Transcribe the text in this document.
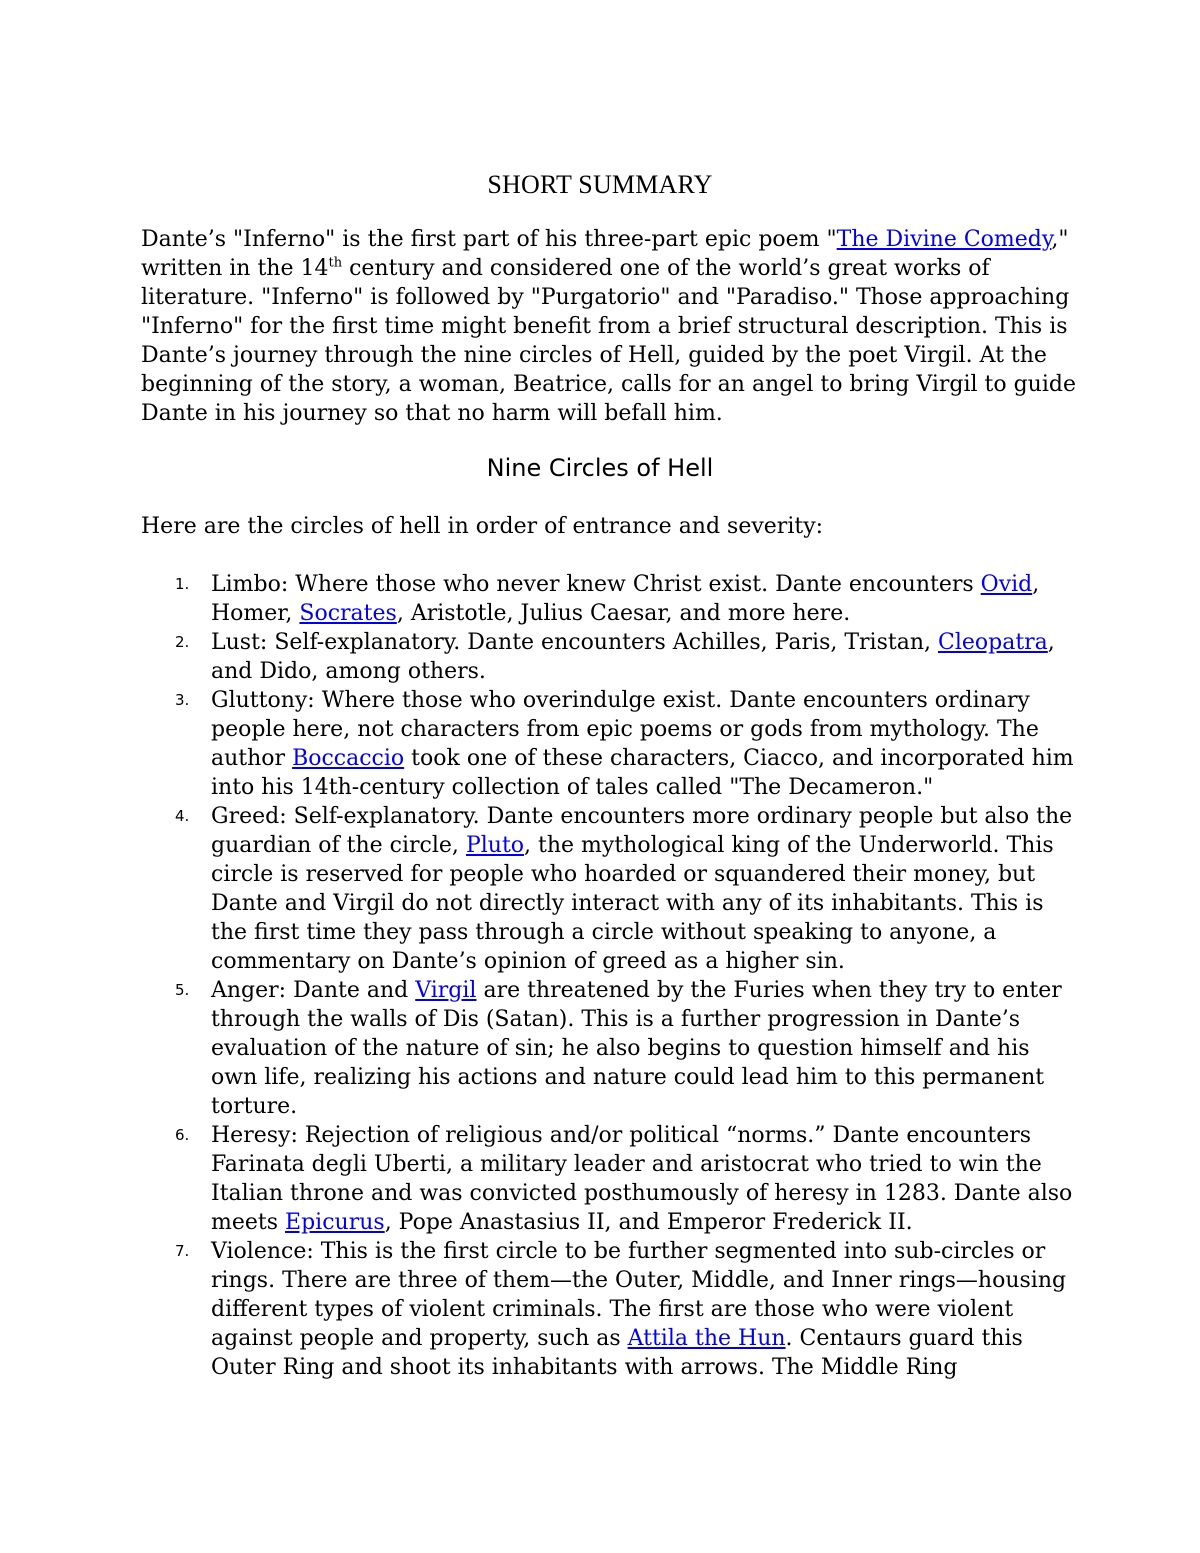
SHORT SUMMARY

Dante’s "Inferno" is the first part of his three-part epic poem "The Divine Comedy," written in the 14th century and considered one of the world’s great works of literature. "Inferno" is followed by "Purgatorio" and "Paradiso." Those approaching "Inferno" for the first time might benefit from a brief structural description. This is Dante’s journey through the nine circles of Hell, guided by the poet Virgil. At the beginning of the story, a woman, Beatrice, calls for an angel to bring Virgil to guide Dante in his journey so that no harm will befall him.

Nine Circles of Hell

Here are the circles of hell in order of entrance and severity:

1. Limbo: Where those who never knew Christ exist. Dante encounters Ovid, Homer, Socrates, Aristotle, Julius Caesar, and more here.
2. Lust: Self-explanatory. Dante encounters Achilles, Paris, Tristan, Cleopatra, and Dido, among others.
3. Gluttony: Where those who overindulge exist. Dante encounters ordinary people here, not characters from epic poems or gods from mythology. The author Boccaccio took one of these characters, Ciacco, and incorporated him into his 14th-century collection of tales called "The Decameron."
4. Greed: Self-explanatory. Dante encounters more ordinary people but also the guardian of the circle, Pluto, the mythological king of the Underworld. This circle is reserved for people who hoarded or squandered their money, but Dante and Virgil do not directly interact with any of its inhabitants. This is the first time they pass through a circle without speaking to anyone, a commentary on Dante’s opinion of greed as a higher sin.
5. Anger: Dante and Virgil are threatened by the Furies when they try to enter through the walls of Dis (Satan). This is a further progression in Dante’s evaluation of the nature of sin; he also begins to question himself and his own life, realizing his actions and nature could lead him to this permanent torture.
6. Heresy: Rejection of religious and/or political “norms.” Dante encounters Farinata degli Uberti, a military leader and aristocrat who tried to win the Italian throne and was convicted posthumously of heresy in 1283. Dante also meets Epicurus, Pope Anastasius II, and Emperor Frederick II.
7. Violence: This is the first circle to be further segmented into sub-circles or rings. There are three of them—the Outer, Middle, and Inner rings—housing different types of violent criminals. The first are those who were violent against people and property, such as Attila the Hun. Centaurs guard this Outer Ring and shoot its inhabitants with arrows. The Middle Ring
